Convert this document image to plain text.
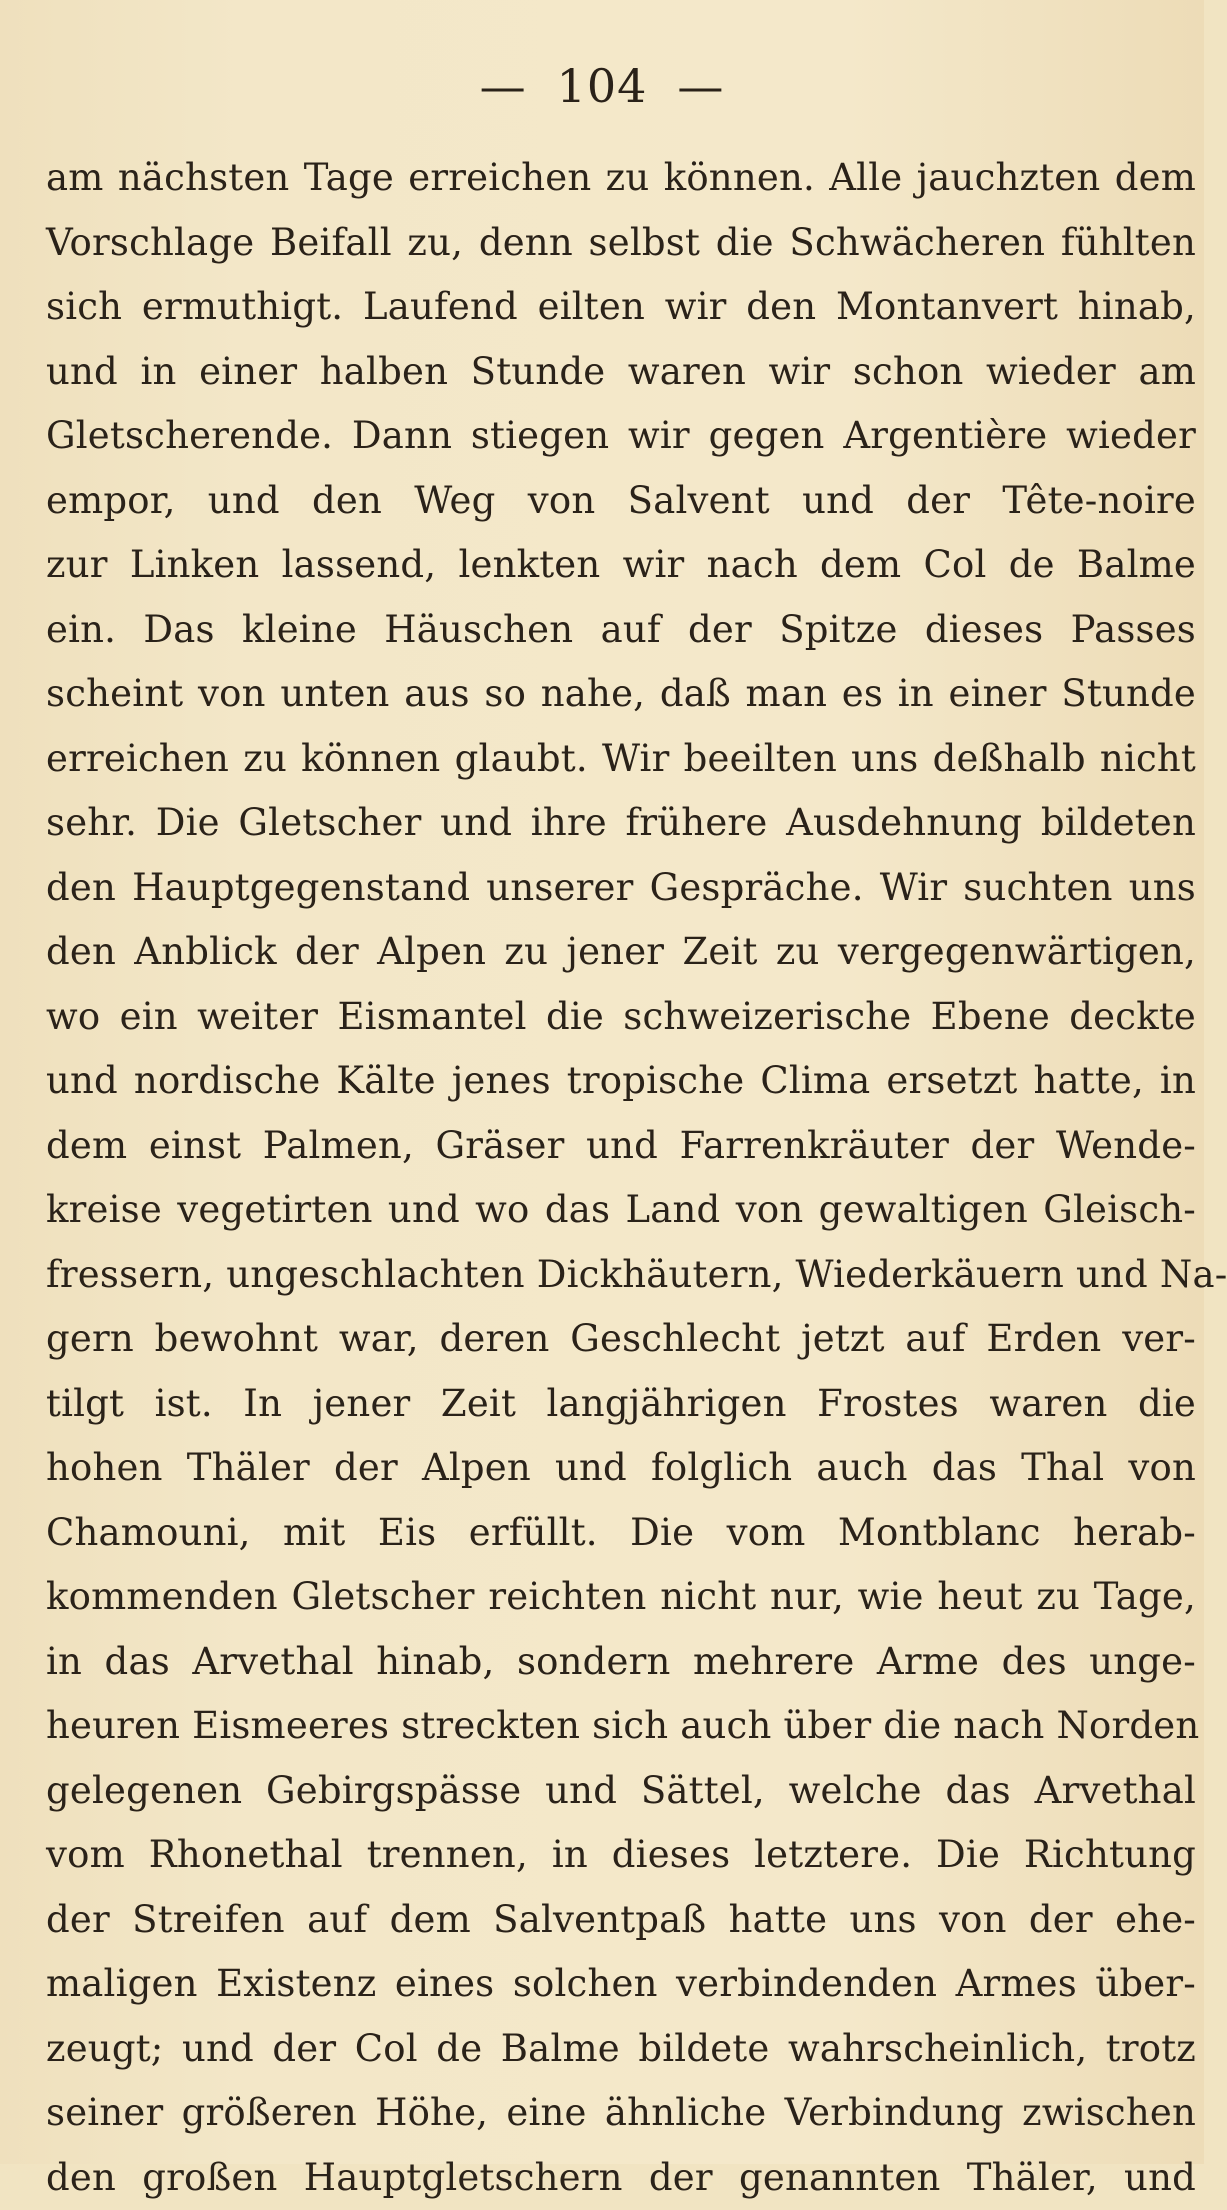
— 104 —
am nächsten Tage erreichen zu können. Alle jauchzten dem
Vorschlage Beifall zu, denn selbst die Schwächeren fühlten
sich ermuthigt. Laufend eilten wir den Montanvert hinab,
und in einer halben Stunde waren wir schon wieder am
Gletscherende. Dann stiegen wir gegen Argentière wieder
empor, und den Weg von Salvent und der Tête-noire
zur Linken lassend, lenkten wir nach dem Col de Balme
ein. Das kleine Häuschen auf der Spitze dieses Passes
scheint von unten aus so nahe, daß man es in einer Stunde
erreichen zu können glaubt. Wir beeilten uns deßhalb nicht
sehr. Die Gletscher und ihre frühere Ausdehnung bildeten
den Hauptgegenstand unserer Gespräche. Wir suchten uns
den Anblick der Alpen zu jener Zeit zu vergegenwärtigen,
wo ein weiter Eismantel die schweizerische Ebene deckte
und nordische Kälte jenes tropische Clima ersetzt hatte, in
dem einst Palmen, Gräser und Farrenkräuter der Wende-
kreise vegetirten und wo das Land von gewaltigen Gleisch-
fressern, ungeschlachten Dickhäutern, Wiederkäuern und Na-
gern bewohnt war, deren Geschlecht jetzt auf Erden ver-
tilgt ist. In jener Zeit langjährigen Frostes waren die
hohen Thäler der Alpen und folglich auch das Thal von
Chamouni, mit Eis erfüllt. Die vom Montblanc herab-
kommenden Gletscher reichten nicht nur, wie heut zu Tage,
in das Arvethal hinab, sondern mehrere Arme des unge-
heuren Eismeeres streckten sich auch über die nach Norden
gelegenen Gebirgspässe und Sättel, welche das Arvethal
vom Rhonethal trennen, in dieses letztere. Die Richtung
der Streifen auf dem Salventpaß hatte uns von der ehe-
maligen Existenz eines solchen verbindenden Armes über-
zeugt; und der Col de Balme bildete wahrscheinlich, trotz
seiner größeren Höhe, eine ähnliche Verbindung zwischen
den großen Hauptgletschern der genannten Thäler, und
